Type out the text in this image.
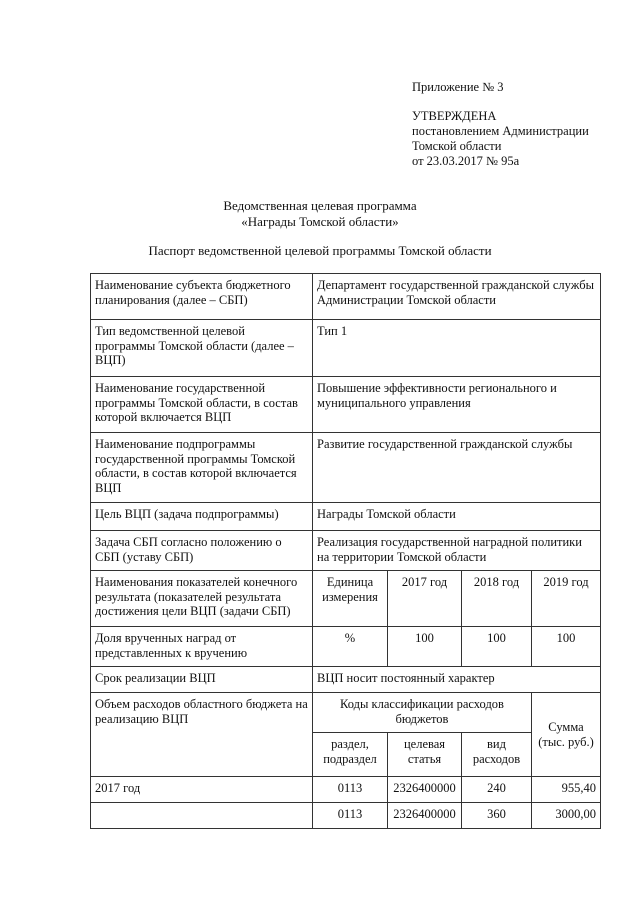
Приложение № 3
УТВЕРЖДЕНА
постановлением Администрации
Томской области
от 23.03.2017 № 95а
Ведомственная целевая программа
«Награды Томской области»
Паспорт ведомственной целевой программы Томской области
Наименование субъекта бюджетного планирования (далее – СБП)	Департамент государственной гражданской службы Администрации Томской области			
Тип ведомственной целевой программы Томской области (далее – ВЦП)	Тип 1			
Наименование государственной программы Томской области, в состав которой включается ВЦП	Повышение эффективности регионального и муниципального управления			
Наименование подпрограммы государственной программы Томской области, в состав которой включается ВЦП	Развитие государственной гражданской службы			
Цель ВЦП (задача подпрограммы)	Награды Томской области			
Задача СБП согласно положению о СБП (уставу СБП)	Реализация государственной наградной политики на территории Томской области			
Наименования показателей конечного результата (показателей результата достижения цели ВЦП (задачи СБП)	Единица измерения	2017 год	2018 год	2019 год
Доля врученных наград от представленных к вручению	%	100	100	100
Срок реализации ВЦП	ВЦП носит постоянный характер			
Объем расходов областного бюджета на реализацию ВЦП	Коды классификации расходов бюджетов			Сумма (тыс. руб.)
	раздел, подраздел	целевая статья	вид расходов	
2017 год	0113	2326400000	240	955,40
	0113	2326400000	360	3000,00
